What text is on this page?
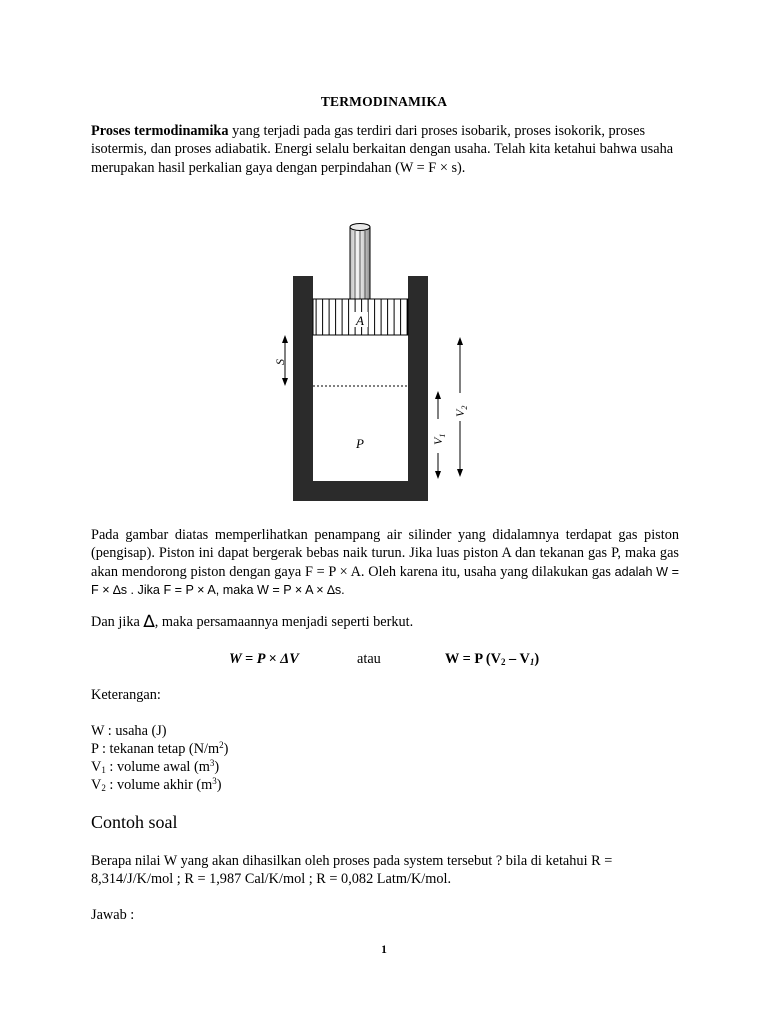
TERMODINAMIKA
Proses termodinamika yang terjadi pada gas terdiri dari proses isobarik, proses isokorik, proses isotermis, dan proses adiabatik. Energi selalu berkaitan dengan usaha. Telah kita ketahui bahwa usaha merupakan hasil perkalian gaya dengan perpindahan (W = F × s).
A
P
S
$V_1$
$V_2$
Pada gambar diatas memperlihatkan penampang air silinder yang didalamnya terdapat gas piston (pengisap). Piston ini dapat bergerak bebas naik turun. Jika luas piston A dan tekanan gas P, maka gas akan mendorong piston dengan gaya F = P × A. Oleh karena itu, usaha yang dilakukan gas adalah W = F × ∆s . Jika F = P × A, maka W = P × A × ∆s.
Dan jika ∆, maka persamaannya menjadi seperti berkut.
W = P × ΔV	atau	W = P $(V_2 - V_1)$
Keterangan:
W : usaha (J)
P : tekanan tetap $(N/m^2)$
$V_1$ : volume awal $(m^3)$
$V_2$ : volume akhir $(m^3)$
Contoh soal
Berapa nilai W yang akan dihasilkan oleh proses pada system tersebut ? bila di ketahui R = 8,314/J/K/mol ; R = 1,987 Cal/K/mol ; R = 0,082 Latm/K/mol.
Jawab :
1
